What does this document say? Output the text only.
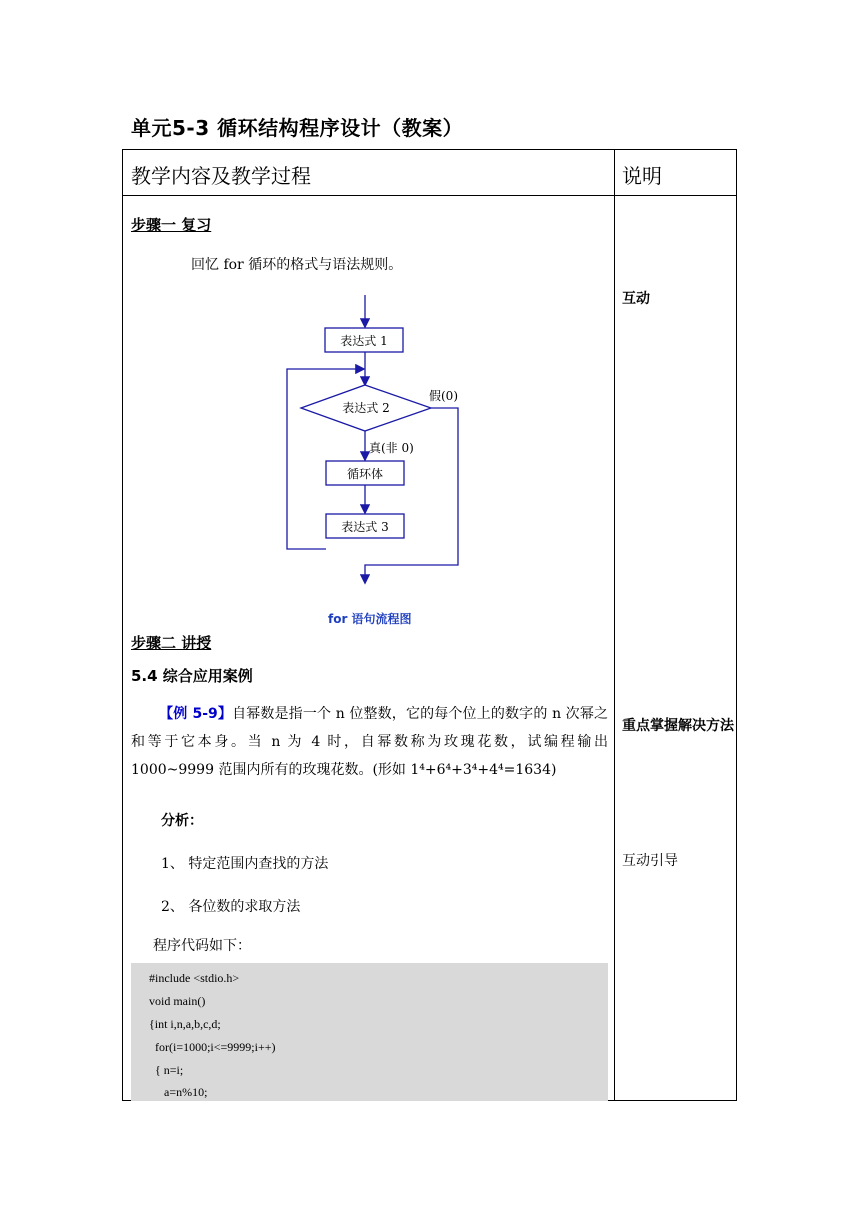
单元5-3 循环结构程序设计（教案）
教学内容及教学过程	说明
步骤一 复习
回忆 for 循环的格式与语法规则。
表达式 1
表达式 2
假(0)
真(非 0)
循环体
表达式 3
for 语句流程图
步骤二 讲授
5.4 综合应用案例
【例 5-9】自幂数是指一个 n 位整数，它的每个位上的数字的 n 次幂之和等于它本身。当 n 为 4 时，自幂数称为玫瑰花数，试编程输出 1000~9999 范围内所有的玫瑰花数。(形如 1⁴+6⁴+3⁴+4⁴=1634)
分析：
1、 特定范围内查找的方法
2、 各位数的求取方法
程序代码如下：
#include <stdio.h>
void main()
{int i,n,a,b,c,d;
for(i=1000;i<=9999;i++)
{ n=i;
a=n%10;
互动
重点掌握解决方法
互动引导
